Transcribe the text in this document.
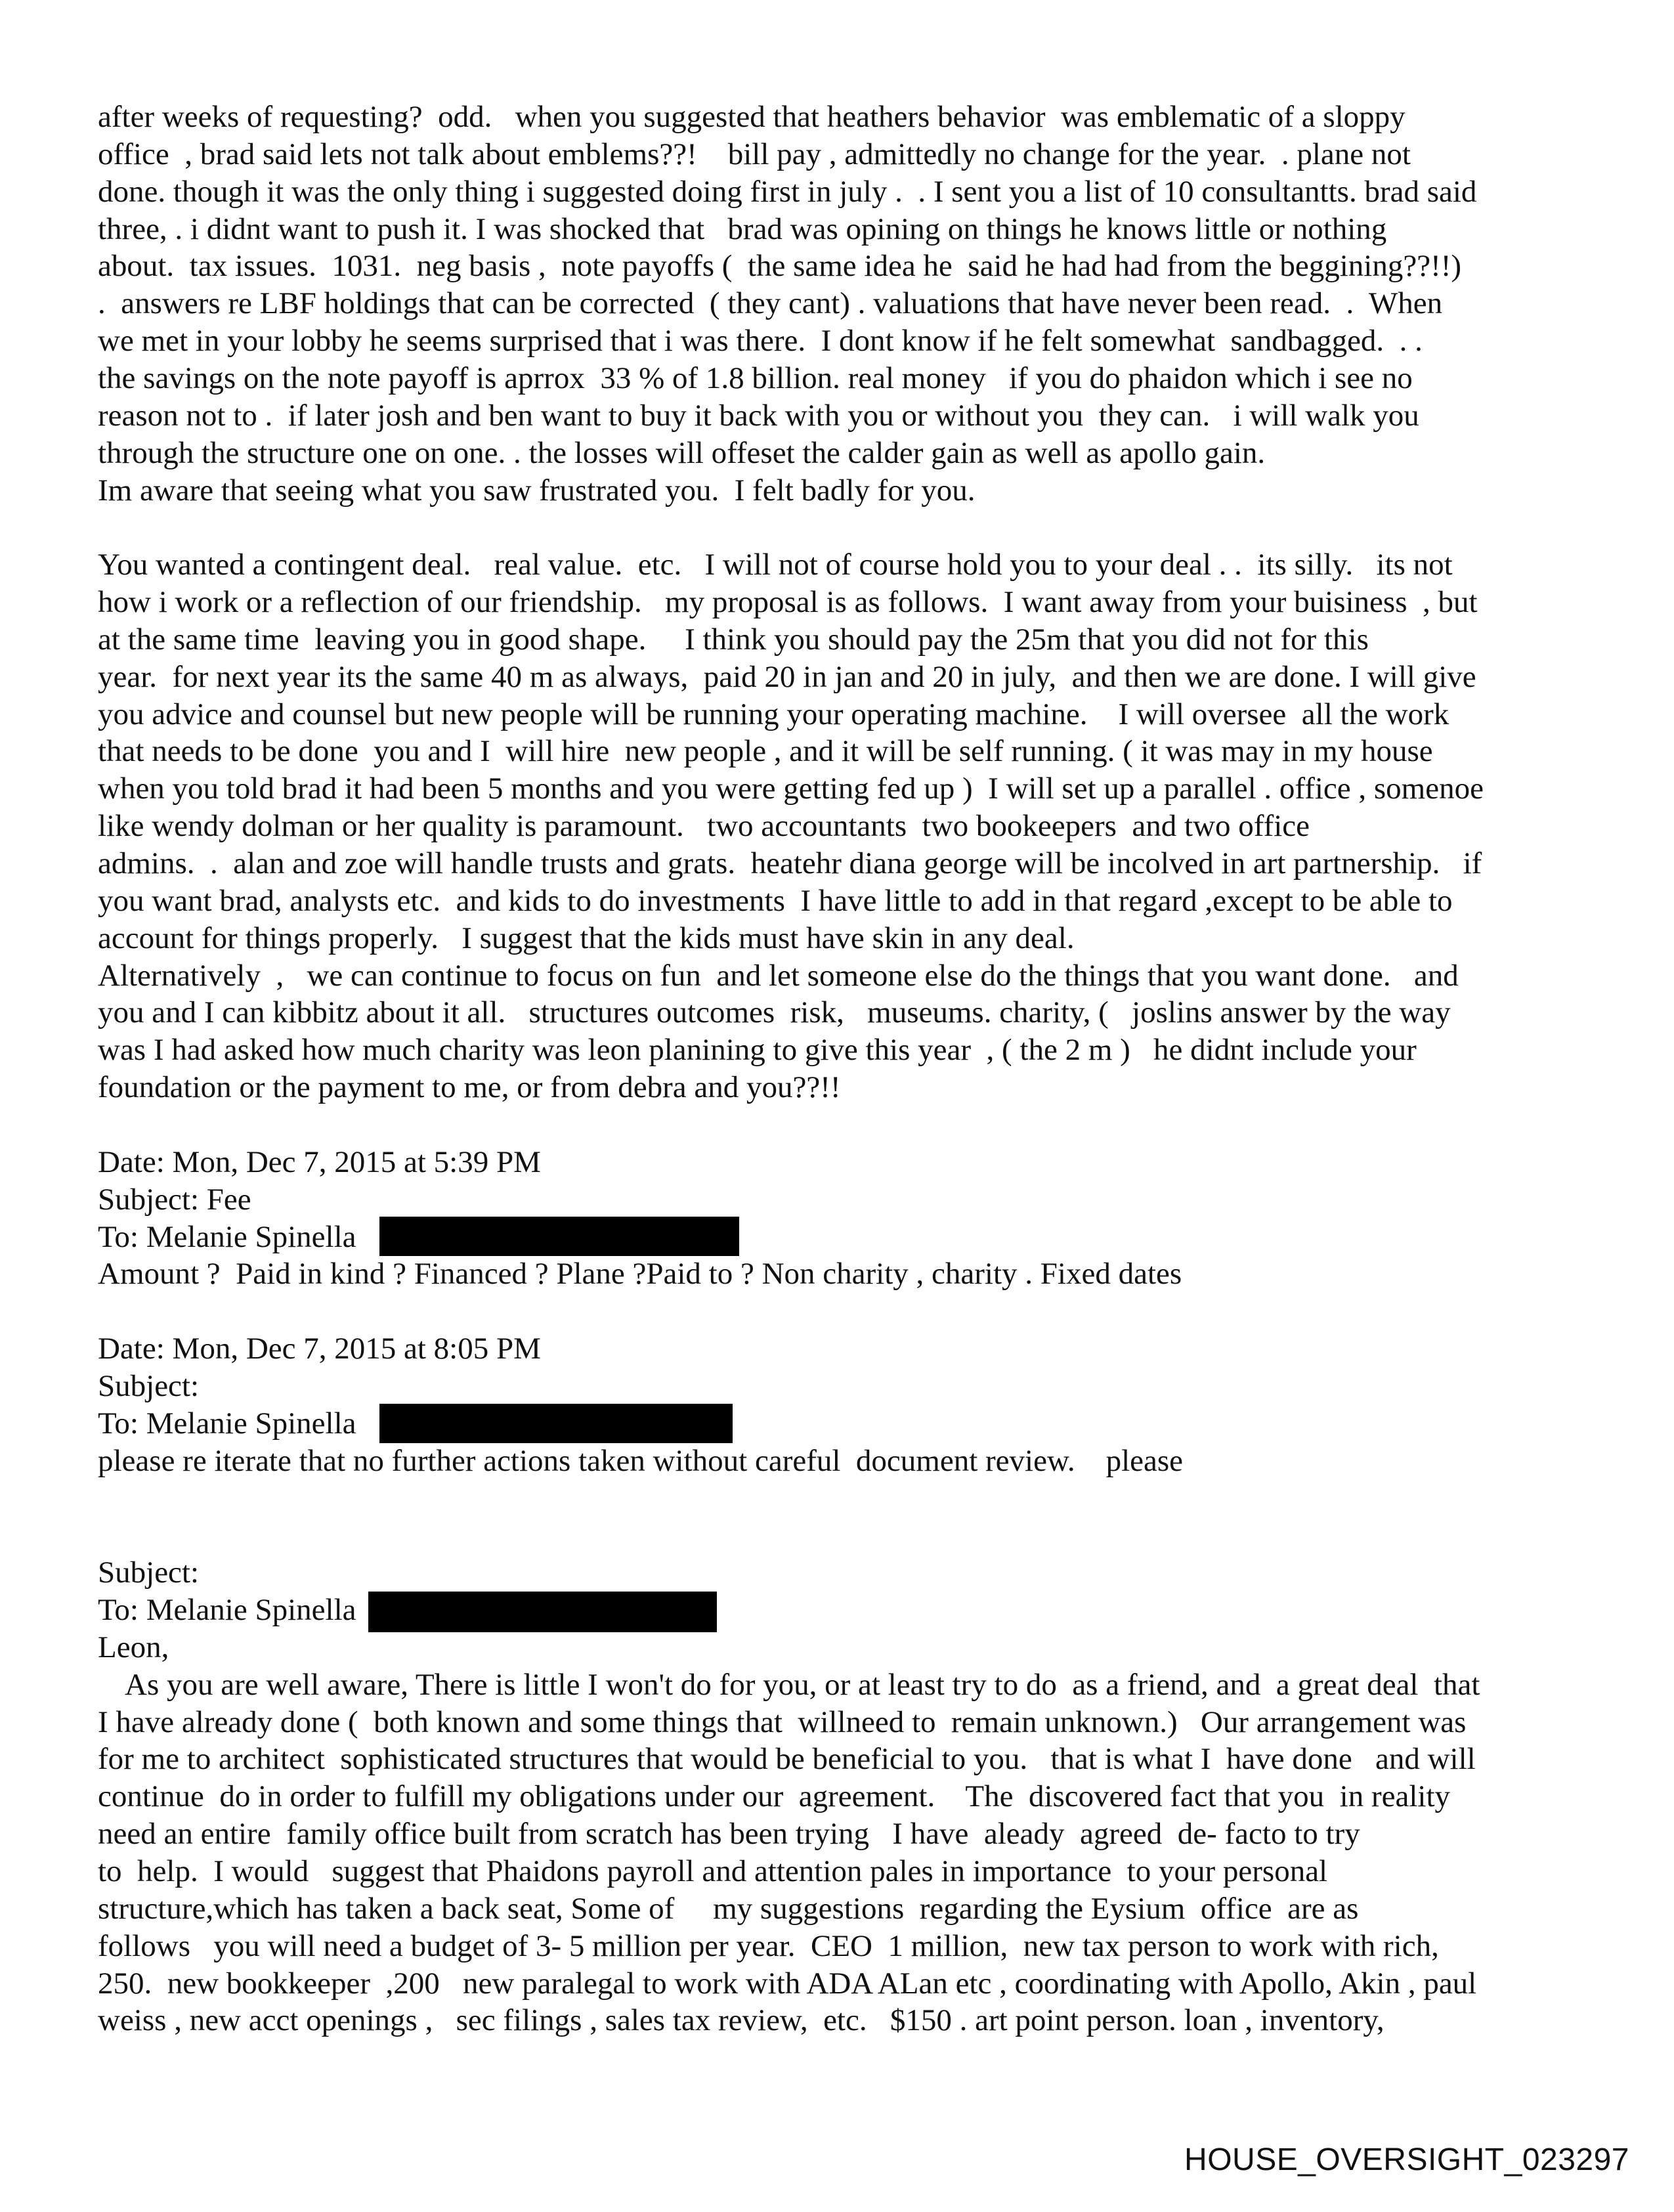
after weeks of requesting?  odd.   when you suggested that heathers behavior  was emblematic of a sloppy
office  , brad said lets not talk about emblems??!    bill pay , admittedly no change for the year.  . plane not
done. though it was the only thing i suggested doing first in july .  . I sent you a list of 10 consultantts. brad said
three, . i didnt want to push it. I was shocked that   brad was opining on things he knows little or nothing
about.  tax issues.  1031.  neg basis ,  note payoffs (  the same idea he  said he had had from the beggining??!!)
.  answers re LBF holdings that can be corrected  ( they cant) . valuations that have never been read.  .  When
we met in your lobby he seems surprised that i was there.  I dont know if he felt somewhat  sandbagged.  . .
the savings on the note payoff is aprrox  33 % of 1.8 billion. real money   if you do phaidon which i see no
reason not to .  if later josh and ben want to buy it back with you or without you  they can.   i will walk you
through the structure one on one. . the losses will offeset the calder gain as well as apollo gain.
Im aware that seeing what you saw frustrated you.  I felt badly for you.
You wanted a contingent deal.   real value.  etc.   I will not of course hold you to your deal . .  its silly.   its not
how i work or a reflection of our friendship.   my proposal is as follows.  I want away from your buisiness  , but
at the same time  leaving you in good shape.     I think you should pay the 25m that you did not for this
year.  for next year its the same 40 m as always,  paid 20 in jan and 20 in july,  and then we are done. I will give
you advice and counsel but new people will be running your operating machine.    I will oversee  all the work
that needs to be done  you and I  will hire  new people , and it will be self running. ( it was may in my house
when you told brad it had been 5 months and you were getting fed up )  I will set up a parallel . office , somenoe
like wendy dolman or her quality is paramount.   two accountants  two bookeepers  and two office
admins.  .  alan and zoe will handle trusts and grats.  heatehr diana george will be incolved in art partnership.   if
you want brad, analysts etc.  and kids to do investments  I have little to add in that regard ,except to be able to
account for things properly.   I suggest that the kids must have skin in any deal.
Alternatively  ,   we can continue to focus on fun  and let someone else do the things that you want done.   and
you and I can kibbitz about it all.   structures outcomes  risk,   museums. charity, (   joslins answer by the way
was I had asked how much charity was leon planining to give this year  , ( the 2 m )   he didnt include your
foundation or the payment to me, or from debra and you??!!
Date: Mon, Dec 7, 2015 at 5:39 PM
Subject: Fee
To: Melanie Spinella
Amount ?  Paid in kind ? Financed ? Plane ?Paid to ? Non charity , charity . Fixed dates
Date: Mon, Dec 7, 2015 at 8:05 PM
Subject:
To: Melanie Spinella
please re iterate that no further actions taken without careful  document review.    please
Subject:
To: Melanie Spinella
Leon,
As you are well aware, There is little I won't do for you, or at least try to do  as a friend, and  a great deal  that
I have already done (  both known and some things that  willneed to  remain unknown.)   Our arrangement was
for me to architect  sophisticated structures that would be beneficial to you.   that is what I  have done   and will
continue  do in order to fulfill my obligations under our  agreement.    The  discovered fact that you  in reality
need an entire  family office built from scratch has been trying   I have  aleady  agreed  de- facto to try
to  help.  I would   suggest that Phaidons payroll and attention pales in importance  to your personal
structure,which has taken a back seat, Some of     my suggestions  regarding the Eysium  office  are as
follows   you will need a budget of 3- 5 million per year.  CEO  1 million,  new tax person to work with rich,
250.  new bookkeeper  ,200   new paralegal to work with ADA ALan etc , coordinating with Apollo, Akin , paul
weiss , new acct openings ,   sec filings , sales tax review,  etc.   $150 . art point person. loan , inventory,
HOUSE_OVERSIGHT_023297
